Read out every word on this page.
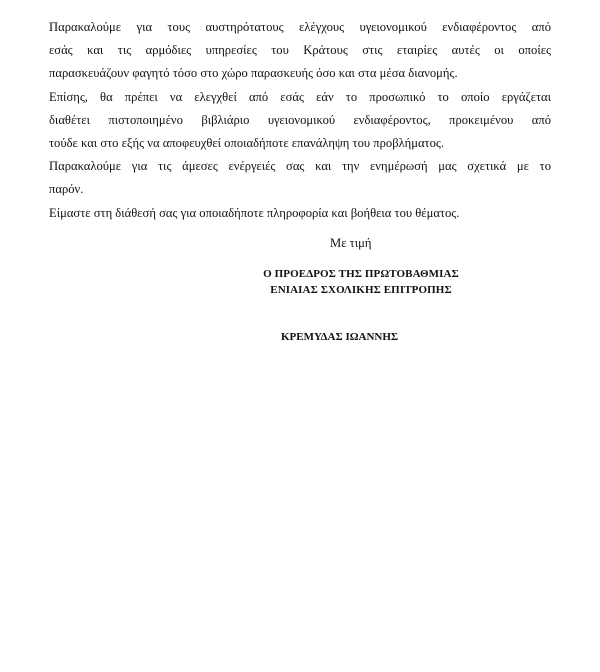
Παρακαλούμε για τους αυστηρότατους ελέγχους υγειονομικού ενδιαφέροντος από
εσάς και τις αρμόδιες υπηρεσίες του Κράτους στις εταιρίες αυτές οι οποίες
παρασκευάζουν φαγητό τόσο στο χώρο παρασκευής όσο και στα μέσα διανομής.

Επίσης, θα πρέπει να ελεγχθεί από εσάς εάν το προσωπικό το οποίο εργάζεται
διαθέτει πιστοποιημένο βιβλιάριο υγειονομικού ενδιαφέροντος, προκειμένου από
τούδε και στο εξής να αποφευχθεί οποιαδήποτε επανάληψη του προβλήματος.

Παρακαλούμε για τις άμεσες ενέργειές σας και την ενημέρωσή μας σχετικά με το
παρόν.

Είμαστε στη διάθεσή σας για οποιαδήποτε πληροφορία και βοήθεια του θέματος.

Με τιμή
Ο ΠΡΟΕΔΡΟΣ ΤΗΣ ΠΡΩΤΟΒΑΘΜΙΑΣ
ΕΝΙΑΙΑΣ ΣΧΟΛΙΚΗΣ ΕΠΙΤΡΟΠΗΣ
ΚΡΕΜΥΔΑΣ ΙΩΑΝΝΗΣ
